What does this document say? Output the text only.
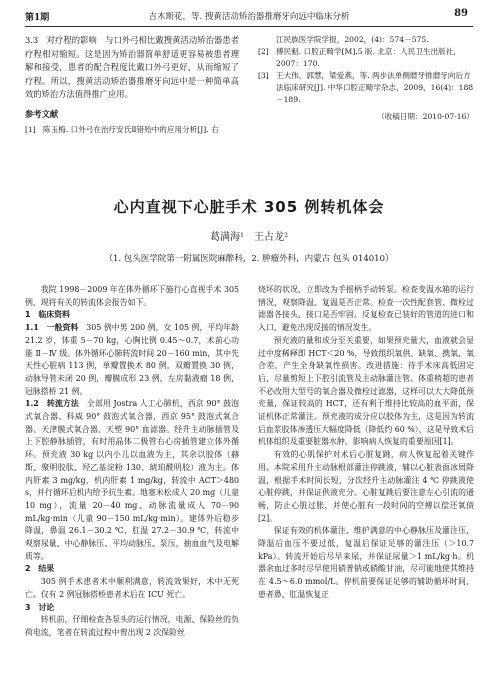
第1期	吉木斯花，等. 搜黄活动矫治器推磨牙向远中临床分析	89

3.3　对疗程的影响　与口外弓相比戴搜黄活动矫治器患者疗程相对缩短。这是因为矫治器简单舒适更容易被患者理解和接受，患者的配合程度比戴口外弓更好，从而缩短了疗程。所以，搜黄活动矫治器推磨牙向远中是一种简单高效的矫治方法值得推广应用。

参考文献
[1] 陈玉梅. 口外弓在治疗安氏Ⅱ错殆中的应用分析[J]. 右
江民族医学院学报，2002，(4)：574－575.
[2] 傅民魁. 口腔正畸学[M].5 版. 北京：人民卫生出版社，2007：170.
[3] 王大伟，郭慧，梁爱燕，等. 两步法单侧磨牙推磨牙向后方法临床研究[J]. 中华口腔正畸学杂志，2009，16(4)：188－189.
（收稿日期：2010-07-16）
心内直视下心脏手术 305 例转机体会
葛满海¹　王占龙²
（1. 包头医学院第一附属医院麻醉科，2. 肿瘤外科，内蒙古 包头 014010）

我院 1998－2009 年在体外循环下施行心直视手术 305 例，现将有关的转流体会报告如下。

1　临床资料

1.1　一般资料　 305 例中男 200 例，女 105 例，平均年龄 21.2 岁，体重 5－70 kg，心胸比例 0.45～0.7，术前心功能 Ⅱ－Ⅳ 级。体外循环心肺转流时间 20－160 min，其中先天性心脏病 113 例，单瓣置换术 80 例，双瓣置换 30 例，动脉导管未闭 20 例，瓣膜成形 23 例，左房黏液瘤 18 例，冠脉搭桥 21 例。

1.2　转流方法　 全部用 Jostra 人工心肺机，西京 90° 鼓泡式氧合器、科威 90° 鼓泡式氧合器，西京 95° 鼓泡式氧合器、天津膜式氧合器、天塑 90° 血滤器。经升主动脉插管及上下腔静脉插管，有时用晶体二极管右心房插管建立体外循环。预充液 30 kg 以内小儿以血液为主，其余以胶体（赫斯、聚明胶肽、羟乙基淀粉 130、琥珀酰明胶）液为主。体内肝素 3 mg/kg，机内肝素 1 mg/kg，转流中 ACT＞480 s，并行循环后机内给予抗生素、地塞米松成人 20 mg（儿童 10 mg），流量 20－40 mg、动脉流量成人 70－90 mL/kg·min（儿童 90－150 mL/kg·min）。建体外后稳步降温，鼻温 26.1－30.2 ℃，肛温 27.2－30.9 ℃，转流中观察尿量、中心静脉压、平均动脉压、泵压，抽血血气及电解质等。

2　结果

305 例手术患者术中顺利满意，转流效果好，术中无死亡。仅有 2 例冠脉搭桥患者术后在 ICU 死亡。

3　讨论

转机前，仔细检查各泵头的运行情况，电源、保险丝的负荷电流，笔者在转流过程中曾出现 2 次保险丝

烧坏的状况，立即改为手摇柄手动转泵。检查变温水箱的运行情况，观察降温、复温是否正常。检查一次性配套管、微栓过滤器各接头，接口是否牢固。反复检查已装好的管道的进口和入口，避免出现反接的情况发生。

预充液的量和成分至关重要，如果预充量大，血液就会显过中度稀释即 HCT＜20 %，导致组织氧供、缺氧、携氧、氧合差，产生全身缺氧性损害。改进措施：待手术床高低固定后，尽量剪短上下腔引流管及主动脉灌注管。体重稍超的患者不必改用大型号的氧合器及微栓过滤器，这样可以大大降低预充量，保证较高的 HCT，还有利于维持比较高的血平面，保证机体正常灌注。预充液的成分应以胶体为主，这是因为转流后血浆胶体渗透压大幅度降低（降低约 60 %），这是导致术后机体组织及重要脏器水肿，影响病人恢复的重要原因[1]。

有效的心肌保护对术后心脏复跳，病人恢复起着关键作用。本院采用升主动脉根部灌注停跳液，辅以心脏表面冰屑降温，根据手术时间长短，分次经升主动脉灌注 4 ℃ 停跳液使心脏停跳，并保证供液充分。心脏复跳后要注意左心引流的通畅，防止心脏过胀，并使心脏有一段时间的空搏以偿还氧债[2]。

保证有效的机体灌注，维护满意的中心静脉压及灌注压，降温后血压不要过低，复温后保证足够的灌注压（＞10.7 kPa）。转流开始后尽早来尿，并保证尿量＞1 mL/kg·h。机器余血过多时尽早使用硝普钠或硝酸甘油，尽可能地使其维持在 4.5～6.0 mmol/L。停机前要保证足够的辅助循环时间，患者鼻、肛温恢复正
